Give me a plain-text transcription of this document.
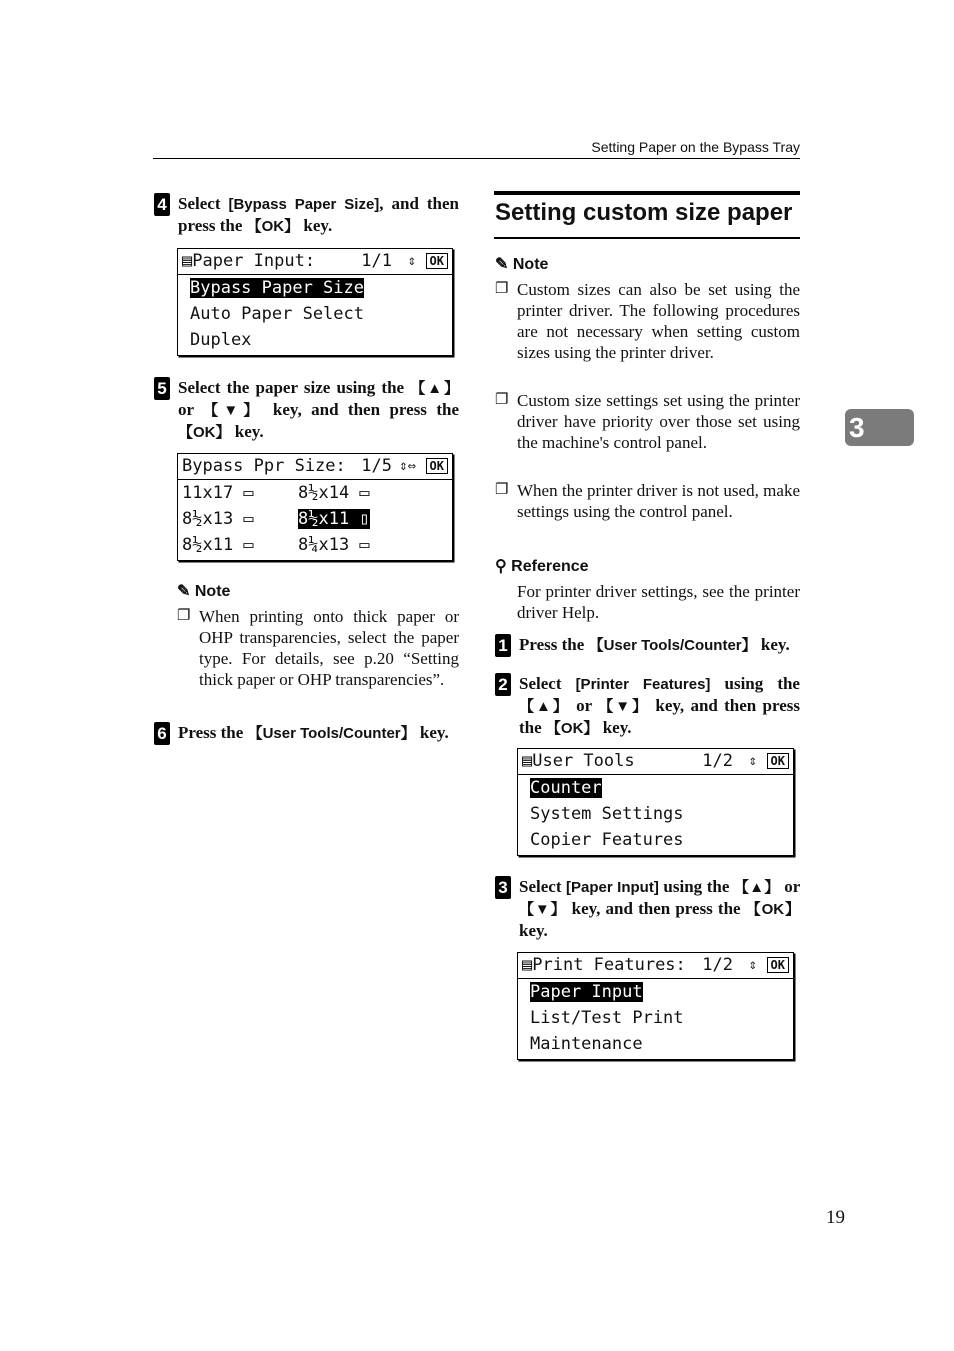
Setting Paper on the Bypass Tray
4 Select [Bypass Paper Size], and then press the 【OK】 key.
▤Paper Input:
	1/1

⇕

	OK
Bypass Paper Size
Auto Paper Select
Duplex
5 Select the paper size using the 【▲】 or 【▼】 key, and then press the 【OK】 key.
Bypass Ppr Size:
1/5

⇕⇔

	OK
11x17 ▭	8½x14 ▭
8½x13 ▭	8½x11 ▯
8½x11 ▭	8¼x13 ▭
✎ Note
❐ When printing onto thick paper or OHP transparencies, select the paper type. For details, see p.20 “Setting thick paper or OHP transparencies”.
6 Press the 【User Tools/Counter】 key.
Setting custom size paper
✎ Note
❐ Custom sizes can also be set using the printer driver. The following procedures are not necessary when setting custom sizes using the printer driver.
❐ Custom size settings set using the printer driver have priority over those set using the machine's control panel.
❐ When the printer driver is not used, make settings using the control panel.
⚲ Reference
For printer driver settings, see the printer driver Help.
1 Press the 【User Tools/Counter】 key.
2 Select [Printer Features] using the 【▲】 or 【▼】 key, and then press the 【OK】 key.
▤User Tools
	1/2

⇕

	OK
Counter
System Settings
Copier Features
3 Select [Paper Input] using the 【▲】 or 【▼】 key, and then press the 【OK】 key.
▤Print Features:
1/2

⇕

	OK
Paper Input
List/Test Print
Maintenance
3
19
